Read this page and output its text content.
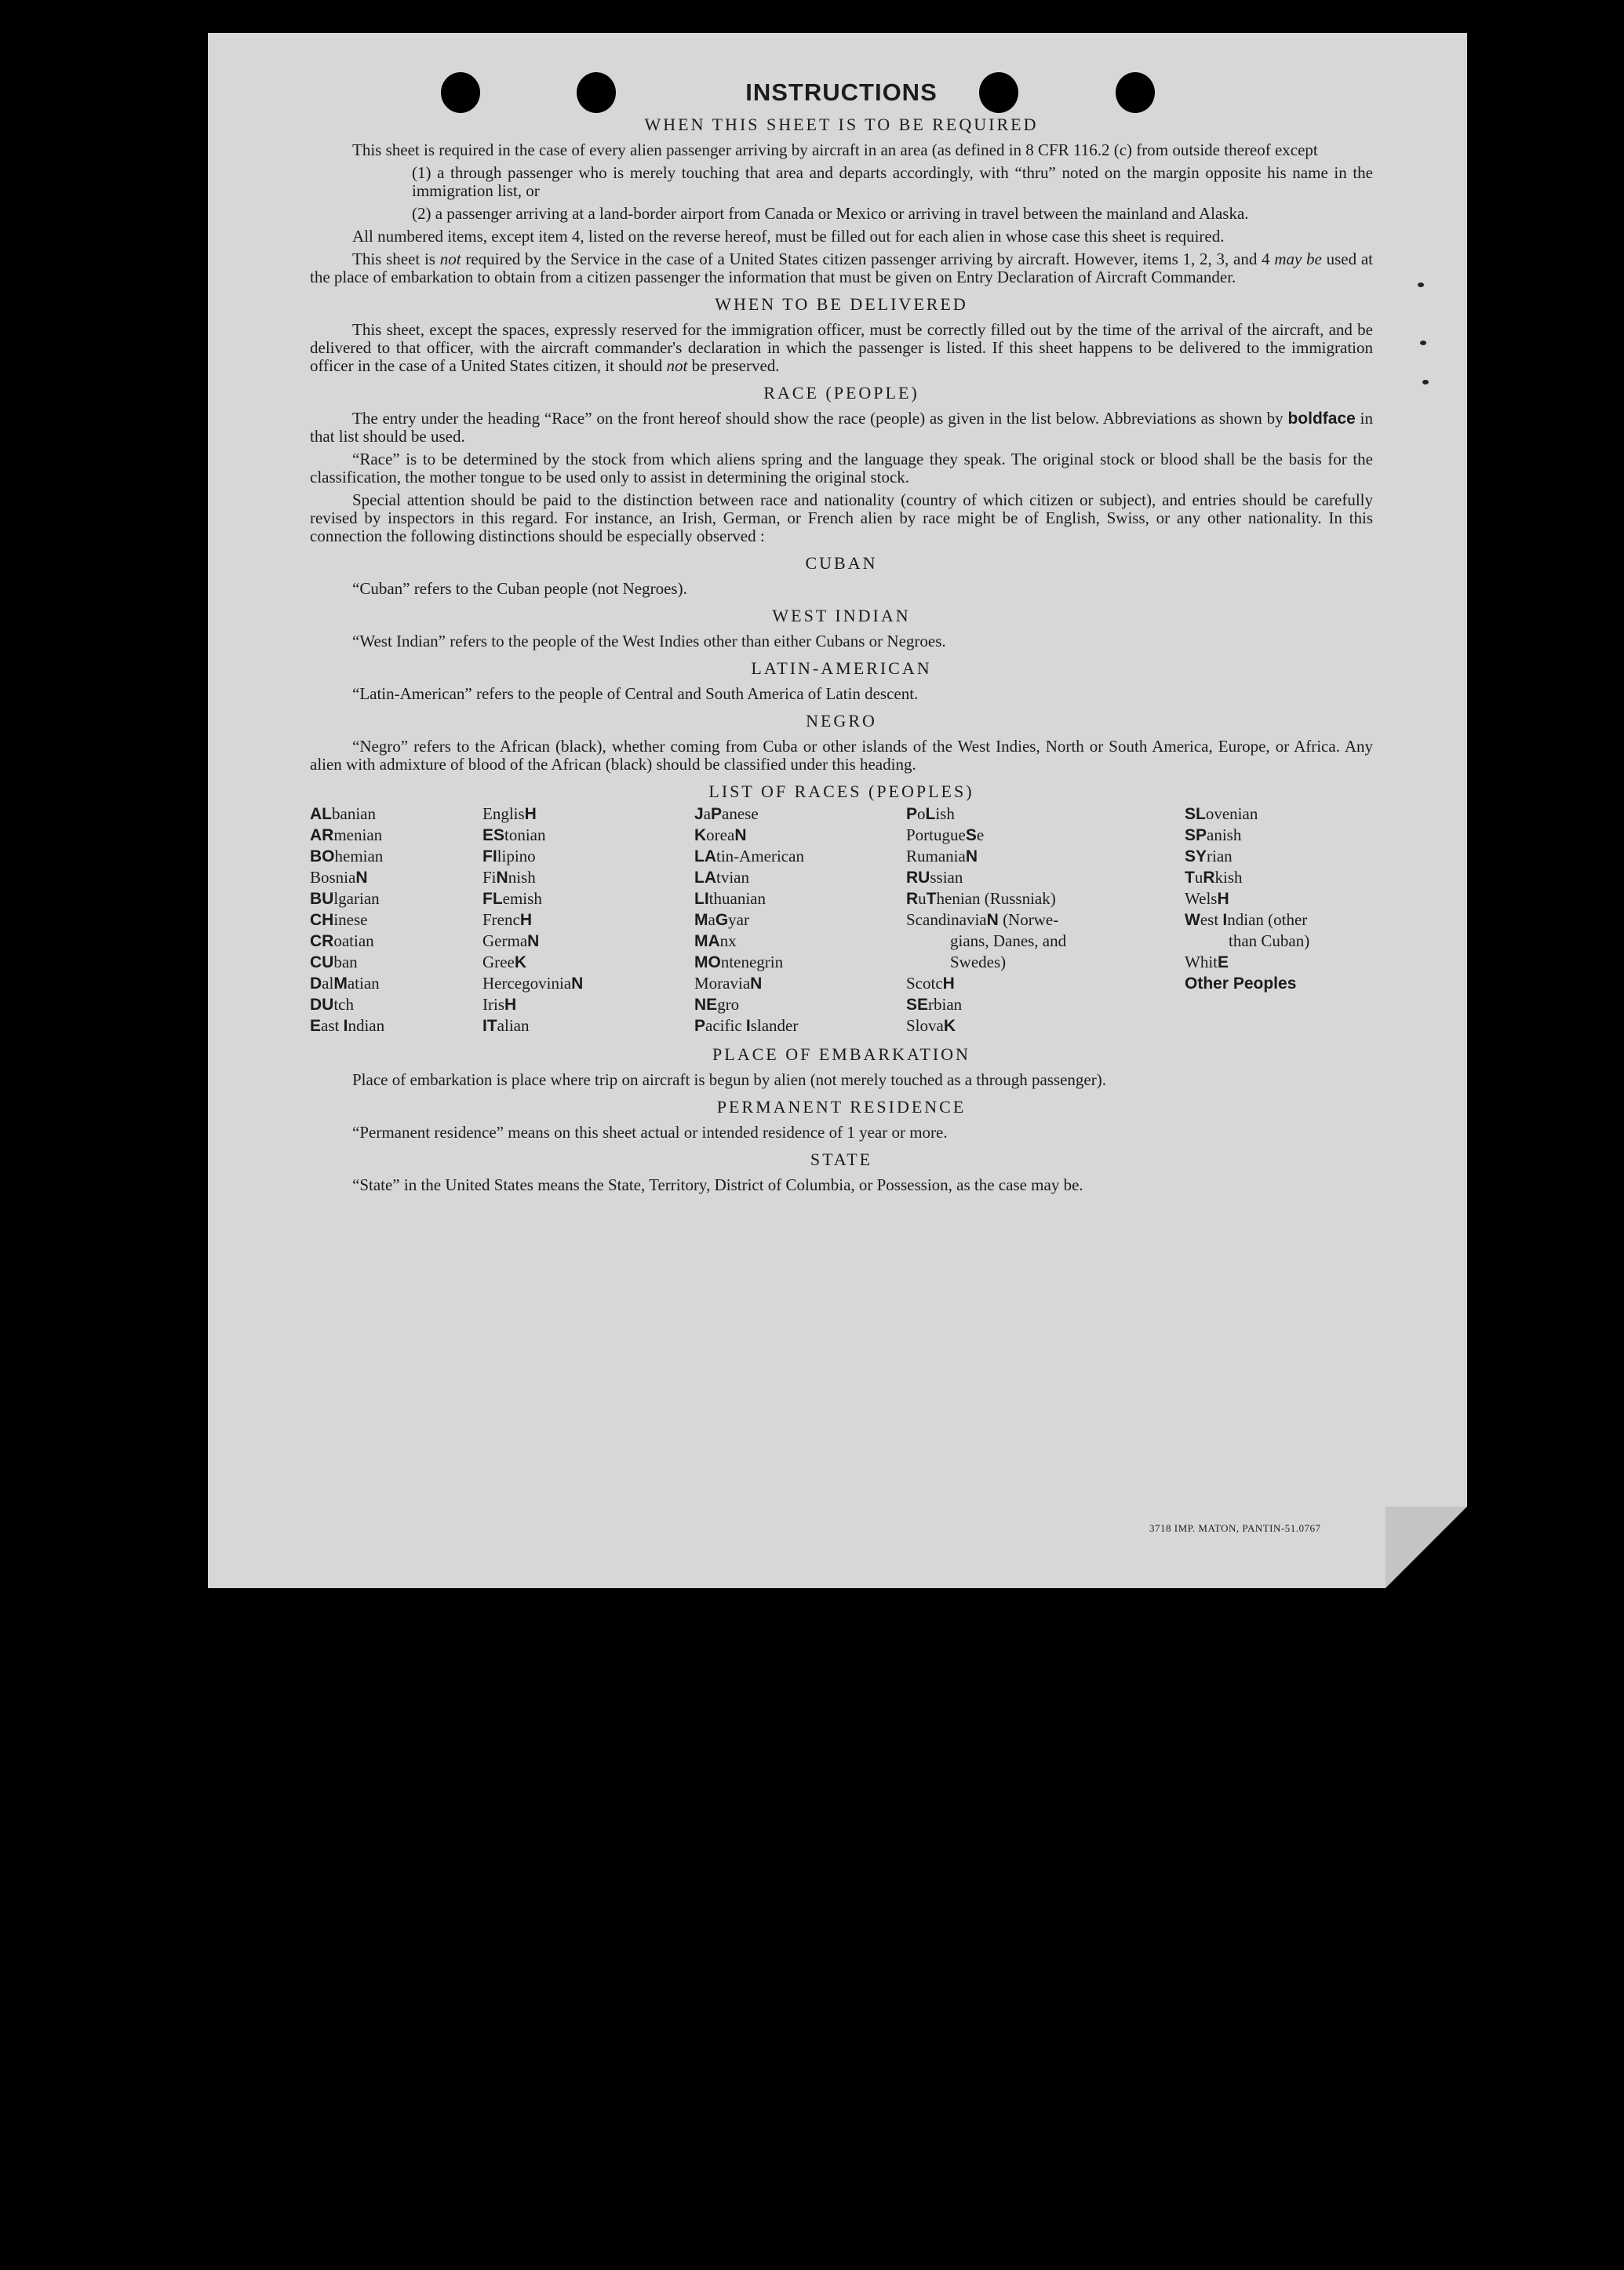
INSTRUCTIONS
WHEN THIS SHEET IS TO BE REQUIRED

This sheet is required in the case of every alien passenger arriving by aircraft in an area (as defined in 8 CFR 116.2 (c) from outside thereof except

(1) a through passenger who is merely touching that area and departs accordingly, with “thru” noted on the margin opposite his name in the immigration list, or

(2) a passenger arriving at a land-border airport from Canada or Mexico or arriving in travel between the mainland and Alaska.

All numbered items, except item 4, listed on the reverse hereof, must be filled out for each alien in whose case this sheet is required.

This sheet is not required by the Service in the case of a United States citizen passenger arriving by aircraft. However, items 1, 2, 3, and 4 may be used at the place of embarkation to obtain from a citizen passenger the information that must be given on Entry Declaration of Aircraft Commander.

WHEN TO BE DELIVERED

This sheet, except the spaces, expressly reserved for the immigration officer, must be correctly filled out by the time of the arrival of the aircraft, and be delivered to that officer, with the aircraft commander's declaration in which the passenger is listed. If this sheet happens to be delivered to the immigration officer in the case of a United States citizen, it should not be preserved.

RACE (PEOPLE)

The entry under the heading “Race” on the front hereof should show the race (people) as given in the list below. Abbreviations as shown by boldface in that list should be used.

“Race” is to be determined by the stock from which aliens spring and the language they speak. The original stock or blood shall be the basis for the classification, the mother tongue to be used only to assist in determining the original stock.

Special attention should be paid to the distinction between race and nationality (country of which citizen or subject), and entries should be carefully revised by inspectors in this regard. For instance, an Irish, German, or French alien by race might be of English, Swiss, or any other nationality. In this connection the following distinctions should be especially observed :

CUBAN

“Cuban” refers to the Cuban people (not Negroes).

WEST INDIAN

“West Indian” refers to the people of the West Indies other than either Cubans or Negroes.

LATIN-AMERICAN

“Latin-American” refers to the people of Central and South America of Latin descent.

NEGRO

“Negro” refers to the African (black), whether coming from Cuba or other islands of the West Indies, North or South America, Europe, or Africa. Any alien with admixture of blood of the African (black) should be classified under this heading.

LIST OF RACES (PEOPLES)
ALbanian
ARmenian
BOhemian
BosniaN
BUlgarian
CHinese
CRoatian
CUban
DalMatian
DUtch
East Indian
EnglisH
EStonian
FIlipino
FiNnish
FLemish
FrencH
GermaN
GreeK
HercegoviniaN
IrisH
ITalian
JaPanese
KoreaN
LAtin-American
LAtvian
LIthuanian
MaGyar
MAnx
MOntenegrin
MoraviaN
NEgro
Pacific Islander
PoLish
PortugueSe
RumaniaN
RUssian
RuThenian (Russniak)
ScandinaviaN (Norwe-
gians, Danes, and
Swedes)
ScotcH
SErbian
SlovaK
SLovenian
SPanish
SYrian
TuRkish
WelsH
West Indian (other
than Cuban)
WhitE
Other Peoples
PLACE OF EMBARKATION

Place of embarkation is place where trip on aircraft is begun by alien (not merely touched as a through passenger).

PERMANENT RESIDENCE

“Permanent residence” means on this sheet actual or intended residence of 1 year or more.

STATE

“State” in the United States means the State, Territory, District of Columbia, or Possession, as the case may be.

3718 IMP. MATON, PANTIN-51.0767
